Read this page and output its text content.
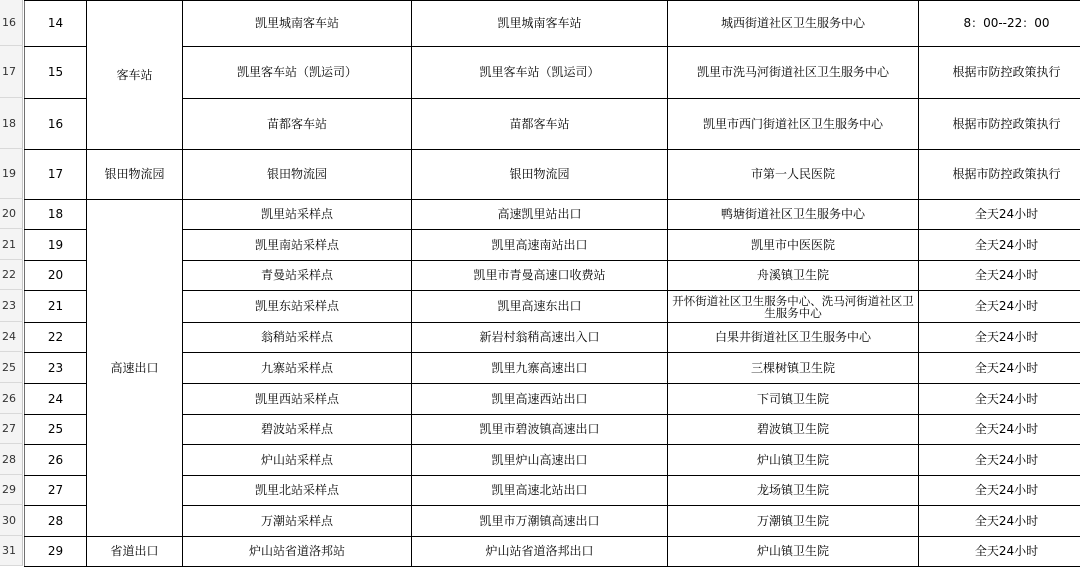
16
17
18
19
20
21
22
23
24
25
26
27
28
29
30
31
14	客车站	凯里城南客车站	凯里城南客车站	城西街道社区卫生服务中心	8：00--22：00
15		凯里客车站（凯运司）	凯里客车站（凯运司）	凯里市洗马河街道社区卫生服务中心	根据市防控政策执行
16		苗都客车站	苗都客车站	凯里市西门街道社区卫生服务中心	根据市防控政策执行
17	银田物流园	银田物流园	银田物流园	市第一人民医院	根据市防控政策执行
18	高速出口	凯里站采样点	高速凯里站出口	鸭塘街道社区卫生服务中心	全天24小时
19		凯里南站采样点	凯里高速南站出口	凯里市中医医院	全天24小时
20		青曼站采样点	凯里市青曼高速口收费站	舟溪镇卫生院	全天24小时
21		凯里东站采样点	凯里高速东出口	开怀街道社区卫生服务中心、洗马河街道社区卫生服务中心	全天24小时
22		翁稍站采样点	新岩村翁稍高速出入口	白果井街道社区卫生服务中心	全天24小时
23		九寨站采样点	凯里九寨高速出口	三棵树镇卫生院	全天24小时
24		凯里西站采样点	凯里高速西站出口	下司镇卫生院	全天24小时
25		碧波站采样点	凯里市碧波镇高速出口	碧波镇卫生院	全天24小时
26		炉山站采样点	凯里炉山高速出口	炉山镇卫生院	全天24小时
27		凯里北站采样点	凯里高速北站出口	龙场镇卫生院	全天24小时
28		万潮站采样点	凯里市万潮镇高速出口	万潮镇卫生院	全天24小时
29	省道出口	炉山站省道洛邦站	炉山站省道洛邦出口	炉山镇卫生院	全天24小时
